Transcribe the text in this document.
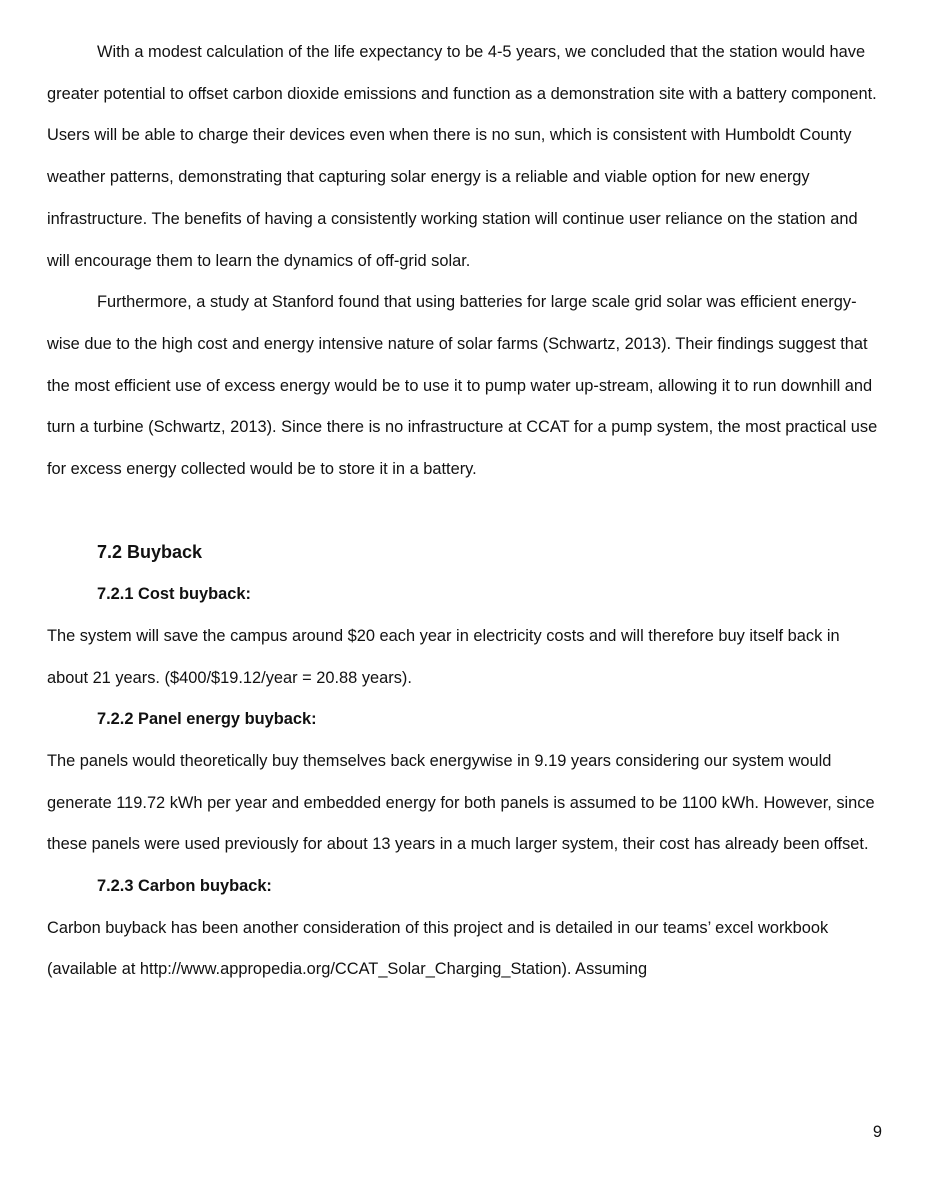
With a modest calculation of the life expectancy to be 4-5 years, we concluded that the station would have greater potential to offset carbon dioxide emissions and function as a demonstration site with a battery component. Users will be able to charge their devices even when there is no sun, which is consistent with Humboldt County weather patterns, demonstrating that capturing solar energy is a reliable and viable option for new energy infrastructure. The benefits of having a consistently working station will continue user reliance on the station and will encourage them to learn the dynamics of off-grid solar.

Furthermore, a study at Stanford found that using batteries for large scale grid solar was efficient energy-wise due to the high cost and energy intensive nature of solar farms (Schwartz, 2013). Their findings suggest that the most efficient use of excess energy would be to use it to pump water up-stream, allowing it to run downhill and turn a turbine (Schwartz, 2013). Since there is no infrastructure at CCAT for a pump system, the most practical use for excess energy collected would be to store it in a battery.

7.2 Buyback
7.2.1 Cost buyback:

The system will save the campus around $20 each year in electricity costs and will therefore buy itself back in about 21 years. ($400/$19.12/year = 20.88 years).

7.2.2 Panel energy buyback:

The panels would theoretically buy themselves back energywise in 9.19 years considering our system would generate 119.72 kWh per year and embedded energy for both panels is assumed to be 1100 kWh. However, since these panels were used previously for about 13 years in a much larger system, their cost has already been offset.

7.2.3 Carbon buyback:

Carbon buyback has been another consideration of this project and is detailed in our teams’ excel workbook (available at http://www.appropedia.org/CCAT_Solar_Charging_Station). Assuming

9
